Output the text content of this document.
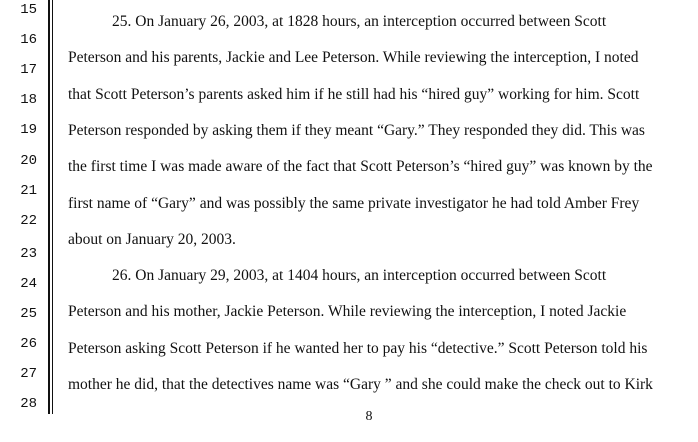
15
16
17
18
19
20
21
22
23
24
25
26
27
28
25. On January 26, 2003, at 1828 hours, an interception occurred between Scott
Peterson and his parents, Jackie and Lee Peterson. While reviewing the interception, I noted
that Scott Peterson’s parents asked him if he still had his “hired guy” working for him. Scott
Peterson responded by asking them if they meant “Gary.” They responded they did. This was
the first time I was made aware of the fact that Scott Peterson’s “hired guy” was known by the
first name of “Gary” and was possibly the same private investigator he had told Amber Frey
about on January 20, 2003.
26. On January 29, 2003, at 1404 hours, an interception occurred between Scott
Peterson and his mother, Jackie Peterson. While reviewing the interception, I noted Jackie
Peterson asking Scott Peterson if he wanted her to pay his “detective.” Scott Peterson told his
mother he did, that the detectives name was “Gary ” and she could make the check out to Kirk
8
